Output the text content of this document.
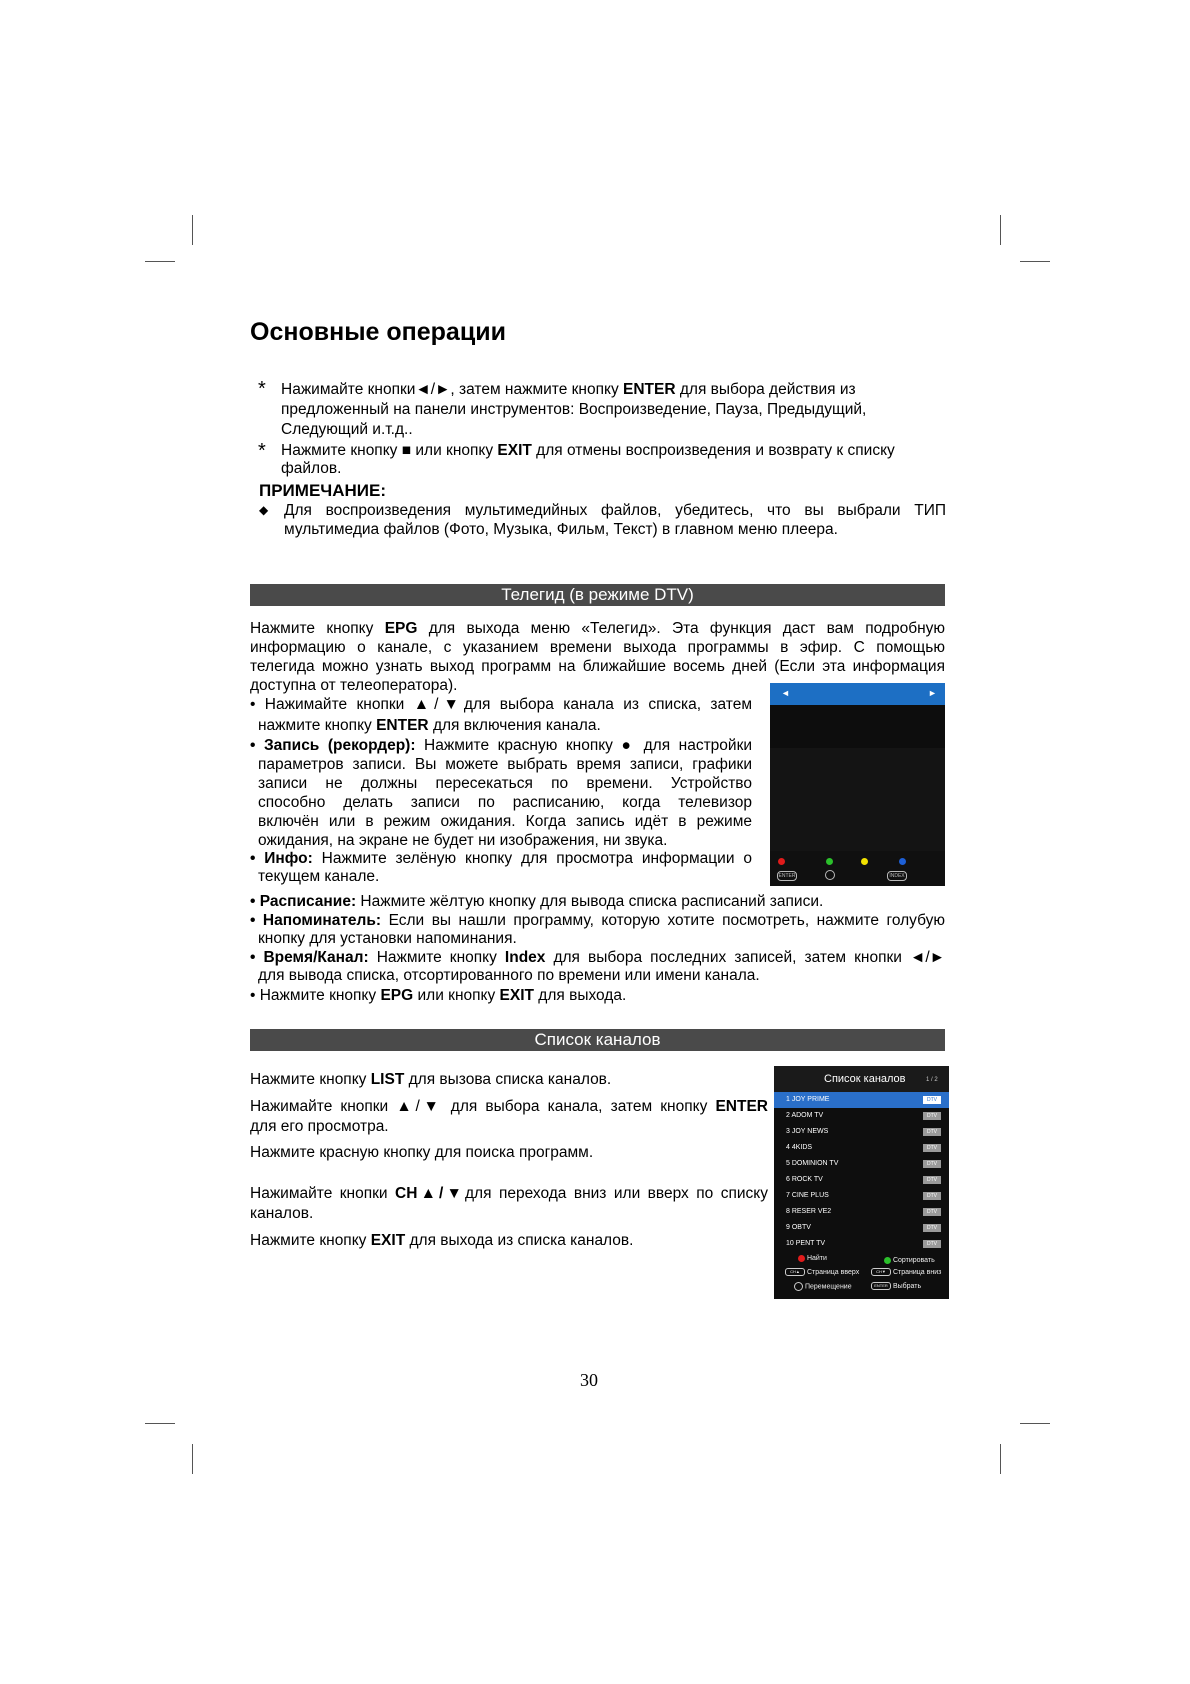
Основные операции
* Нажимайте кнопки◄/►, затем нажмите кнопку ENTER для выбора действия из
предложенный на панели инструментов: Воспроизведение, Пауза, Предыдущий,
Следующий и.т.д..
* Нажмите кнопку ■ или кнопку EXIT для отмены воспроизведения и возврату к списку
файлов.
ПРИМЕЧАНИЕ:
◆ Для воспроизведения мультимедийных файлов, убедитесь, что вы выбрали ТИП
мультимедиа файлов (Фото, Музыка, Фильм, Текст) в главном меню плеера.
Телегид (в режиме DTV)
Нажмите кнопку EPG для выхода меню «Телегид». Эта функция даст вам подробную
информацию о канале, с указанием времени выхода программы в эфир. С помощью
телегида можно узнать выход программ на ближайшие восемь дней (Если эта информация
доступна от телеоператора).
• Нажимайте кнопки ▲/▼для выбора канала из списка, затем
нажмите кнопку ENTER для включения канала.
• Запись (рекордер): Нажмите красную кнопку ● для настройки
параметров записи. Вы можете выбрать время записи, графики
записи не должны пересекаться по времени. Устройство
способно делать записи по расписанию, когда телевизор
включён или в режим ожидания. Когда запись идёт в режиме
ожидания, на экране не будет ни изображения, ни звука.
• Инфо: Нажмите зелёную кнопку для просмотра информации о
текущем канале.
◄	►
ENTER	INDEX
• Расписание: Нажмите жёлтую кнопку для вывода списка расписаний записи.
• Напоминатель: Если вы нашли программу, которую хотите посмотреть, нажмите голубую
кнопку для установки напоминания.
• Время/Канал: Нажмите кнопку Index для выбора последних записей, затем кнопки ◄/►
для вывода списка, отсортированного по времени или имени канала.
• Нажмите кнопку EPG или кнопку EXIT для выхода.
Список каналов
Нажмите кнопку LIST для вызова списка каналов.
Нажимайте кнопки ▲/▼ для выбора канала, затем кнопку ENTER
для его просмотра.
Нажмите красную кнопку для поиска программ.
Нажимайте кнопки CH▲/▼для перехода вниз или вверх по списку
каналов.
Нажмите кнопку EXIT для выхода из списка каналов.
Список каналов	1 / 2
1 JOY PRIME	DTV
2 ADOM TV	DTV
3 JOY NEWS	DTV
4 4KIDS	DTV
5 DOMINION TV	DTV
6 ROCK TV	DTV
7 CINE PLUS	DTV
8 RESER VE2	DTV
9 OBTV	DTV
10 PENT TV	DTV
Найти	Сортировать
CH▲ Страница вверх	CH▼ Страница вниз
Перемещение	ENTER Выбрать
30
